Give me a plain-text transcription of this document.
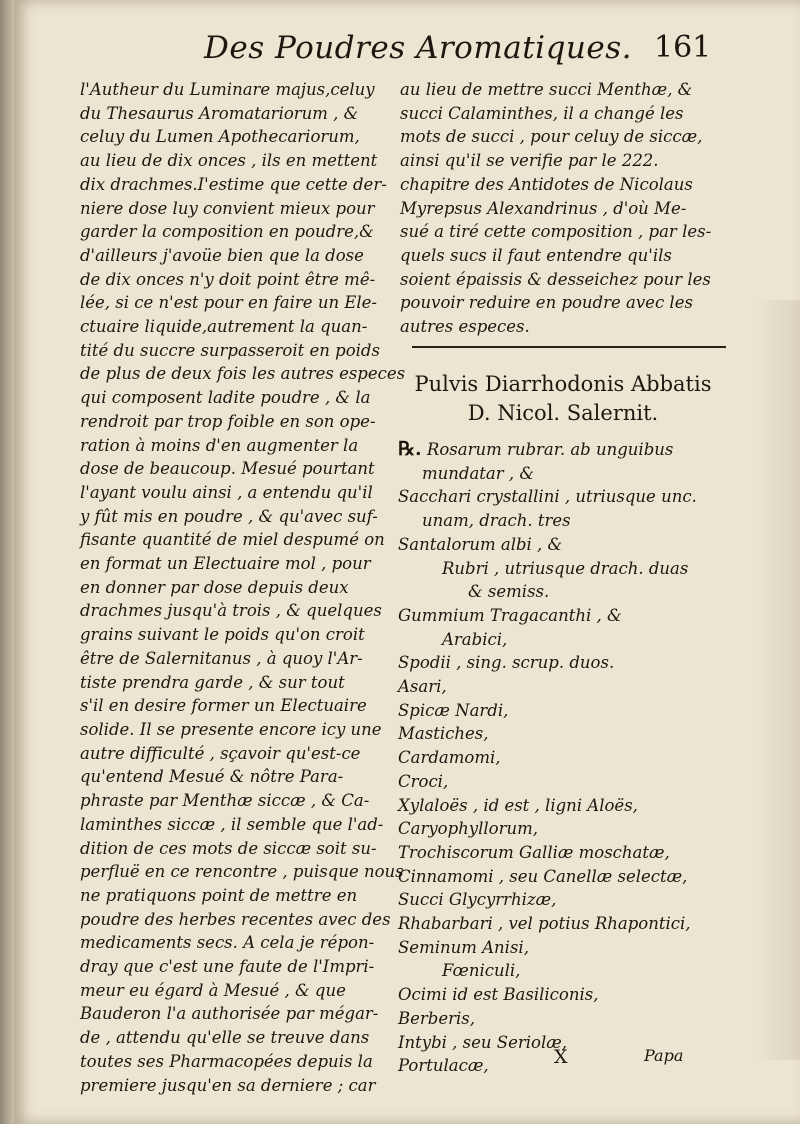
Des Poudres Aromatiques. 161
l'Autheur du Luminare majus,celuy
du Thesaurus Aromatariorum , &
celuy du Lumen Apothecariorum,
au lieu de dix onces , ils en mettent
dix drachmes.I'estime que cette der-
niere dose luy convient mieux pour
garder la composition en poudre,&
d'ailleurs j'avoüe bien que la dose
de dix onces n'y doit point être mê-
lée, si ce n'est pour en faire un Ele-
ctuaire liquide,autrement la quan-
tité du succre surpasseroit en poids
de plus de deux fois les autres especes
qui composent ladite poudre , & la
rendroit par trop foible en son ope-
ration à moins d'en augmenter la
dose de beaucoup. Mesué pourtant
l'ayant voulu ainsi , a entendu qu'il
y fût mis en poudre , & qu'avec suf-
fisante quantité de miel despumé on
en format un Electuaire mol , pour
en donner par dose depuis deux
drachmes jusqu'à trois , & quelques
grains suivant le poids qu'on croit
être de Salernitanus , à quoy l'Ar-
tiste prendra garde , & sur tout
s'il en desire former un Electuaire
solide. Il se presente encore icy une
autre difficulté , sçavoir qu'est-ce
qu'entend Mesué & nôtre Para-
phraste par Menthæ siccæ , & Ca-
laminthes siccæ , il semble que l'ad-
dition de ces mots de siccæ soit su-
perfluë en ce rencontre , puisque nous
ne pratiquons point de mettre en
poudre des herbes recentes avec des
medicaments secs. A cela je répon-
dray que c'est une faute de l'Impri-
meur eu égard à Mesué , & que
Bauderon l'a authorisée par mégar-
de , attendu qu'elle se treuve dans
toutes ses Pharmacopées depuis la
premiere jusqu'en sa derniere ; car
au lieu de mettre succi Menthæ, &
succi Calaminthes, il a changé les
mots de succi , pour celuy de siccæ,
ainsi qu'il se verifie par le 222.
chapitre des Antidotes de Nicolaus
Myrepsus Alexandrinus , d'où Me-
sué a tiré cette composition , par les-
quels sucs il faut entendre qu'ils
soient épaissis & desseichez pour les
pouvoir reduire en poudre avec les
autres especes.
Pulvis Diarrhodonis Abbatis
D. Nicol. Salernit.
℞. Rosarum rubrar. ab unguibus
mundatar , &
Sacchari crystallini , utriusque unc.
unam, drach. tres
Santalorum albi , &
Rubri , utriusque drach. duas
& semiss.
Gummium Tragacanthi , &
Arabici,
Spodii , sing. scrup. duos.
Asari,
Spicæ Nardi,
Mastiches,
Cardamomi,
Croci,
Xylaloës , id est , ligni Aloës,
Caryophyllorum,
Trochiscorum Galliæ moschatæ,
Cinnamomi , seu Canellæ selectæ,
Succi Glycyrrhizæ,
Rhabarbari , vel potius Rhapontici,
Seminum Anisi,
Fœniculi,
Ocimi id est Basiliconis,
Berberis,
Intybi , seu Seriolæ,
Portulacæ,	X	Papa
